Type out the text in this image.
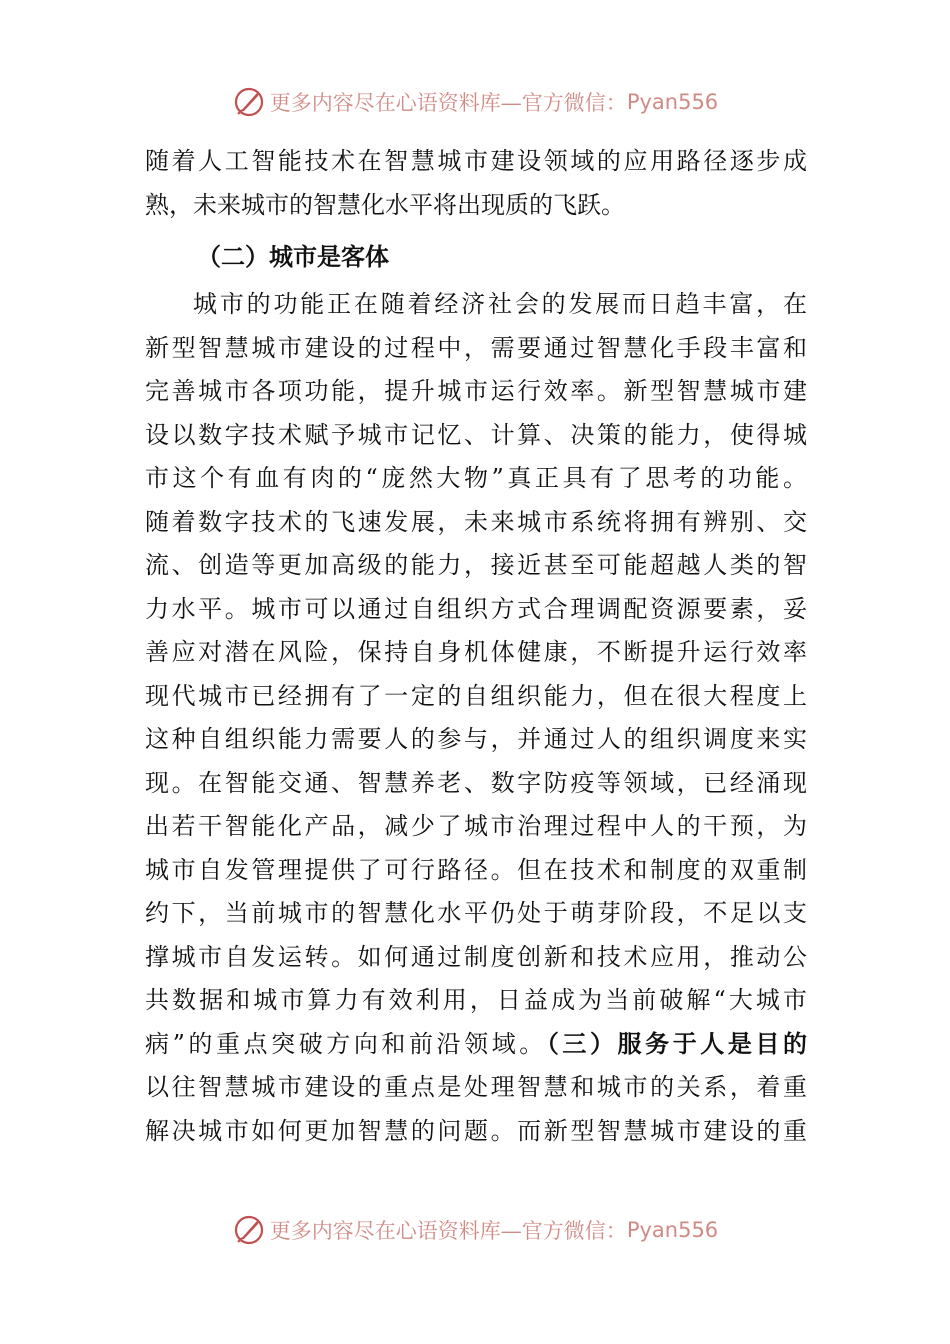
更多内容尽在心语资料库—官方微信： Pyan556
随着人工智能技术在智慧城市建设领域的应用路径逐步成
熟，未来城市的智慧化水平将出现质的飞跃。
（二）城市是客体
城市的功能正在随着经济社会的发展而日趋丰富，在
新型智慧城市建设的过程中，需要通过智慧化手段丰富和
完善城市各项功能，提升城市运行效率。新型智慧城市建
设以数字技术赋予城市记忆、计算、决策的能力，使得城
市这个有血有肉的“庞然大物”真正具有了思考的功能。
随着数字技术的飞速发展，未来城市系统将拥有辨别、交
流、创造等更加高级的能力，接近甚至可能超越人类的智
力水平。城市可以通过自组织方式合理调配资源要素，妥
善应对潜在风险，保持自身机体健康，不断提升运行效率
现代城市已经拥有了一定的自组织能力，但在很大程度上
这种自组织能力需要人的参与，并通过人的组织调度来实
现。在智能交通、智慧养老、数字防疫等领域，已经涌现
出若干智能化产品，减少了城市治理过程中人的干预，为
城市自发管理提供了可行路径。但在技术和制度的双重制
约下，当前城市的智慧化水平仍处于萌芽阶段，不足以支
撑城市自发运转。如何通过制度创新和技术应用，推动公
共数据和城市算力有效利用，日益成为当前破解“大城市
病”的重点突破方向和前沿领域。（三）服务于人是目的
以往智慧城市建设的重点是处理智慧和城市的关系，着重
解决城市如何更加智慧的问题。而新型智慧城市建设的重
更多内容尽在心语资料库—官方微信： Pyan556
